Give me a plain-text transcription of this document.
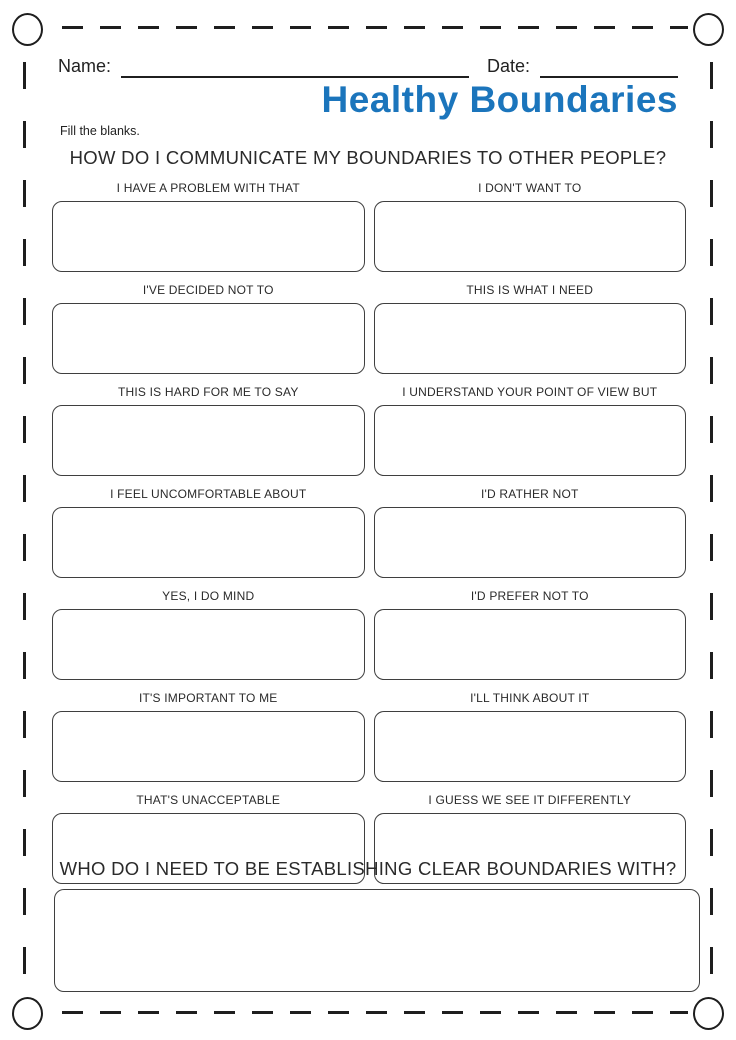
Name:	Date:
Healthy Boundaries
Fill the blanks.
HOW DO I COMMUNICATE MY BOUNDARIES TO OTHER PEOPLE?
I HAVE A PROBLEM WITH THAT	I DON'T WANT TO
I'VE DECIDED NOT TO	THIS IS WHAT I NEED
THIS IS HARD FOR ME TO SAY	I UNDERSTAND YOUR POINT OF VIEW BUT
I FEEL UNCOMFORTABLE ABOUT	I'D RATHER NOT
YES, I DO MIND	I'D PREFER NOT TO
IT'S IMPORTANT TO ME	I'LL THINK ABOUT IT
THAT'S UNACCEPTABLE	I GUESS WE SEE IT DIFFERENTLY
WHO DO I NEED TO BE ESTABLISHING CLEAR BOUNDARIES WITH?
